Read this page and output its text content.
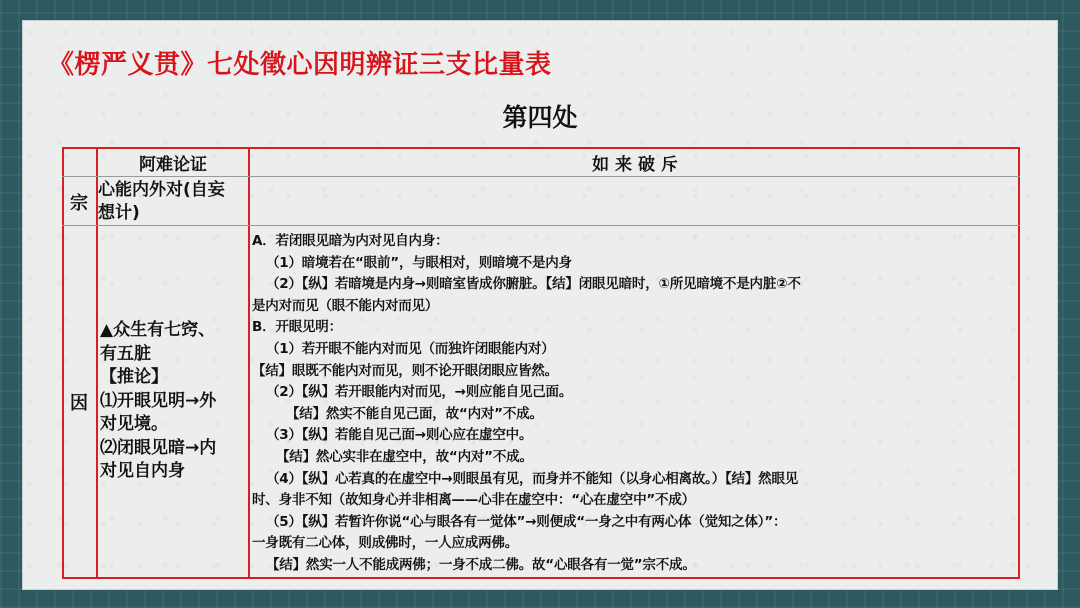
《楞严义贯》七处徵心因明辨证三支比量表
第四处
阿难论证	如 来 破 斥
宗
心能内外对(自妄
想计)
因
▲众生有七窍、
有五脏
【推论】
⑴开眼见明→外
对见境。
⑵闭眼见暗→内
对见自内身
A．若闭眼见暗为内对见自内身：
（1）暗境若在“眼前”，与眼相对，则暗境不是内身
（2）【纵】若暗境是内身→则暗室皆成你腑脏。【结】闭眼见暗时，①所见暗境不是内脏②不
是内对而见（眼不能内对而见）
B．开眼见明：
（1）若开眼不能内对而见（而独许闭眼能内对）
【结】眼既不能内对而见，则不论开眼闭眼应皆然。
（2）【纵】若开眼能内对而见，→则应能自见己面。
【结】然实不能自见己面，故“内对”不成。
（3）【纵】若能自见己面→则心应在虚空中。
【结】然心实非在虚空中，故“内对”不成。
（4）【纵】心若真的在虚空中→则眼虽有见，而身并不能知（以身心相离故。）【结】然眼见
时、身非不知（故知身心并非相离——心非在虚空中：“心在虚空中”不成）
（5）【纵】若暂许你说“心与眼各有一觉体”→则便成“一身之中有两心体（觉知之体）”：
一身既有二心体，则成佛时，一人应成两佛。
【结】然实一人不能成两佛；一身不成二佛。故“心眼各有一觉”宗不成。
